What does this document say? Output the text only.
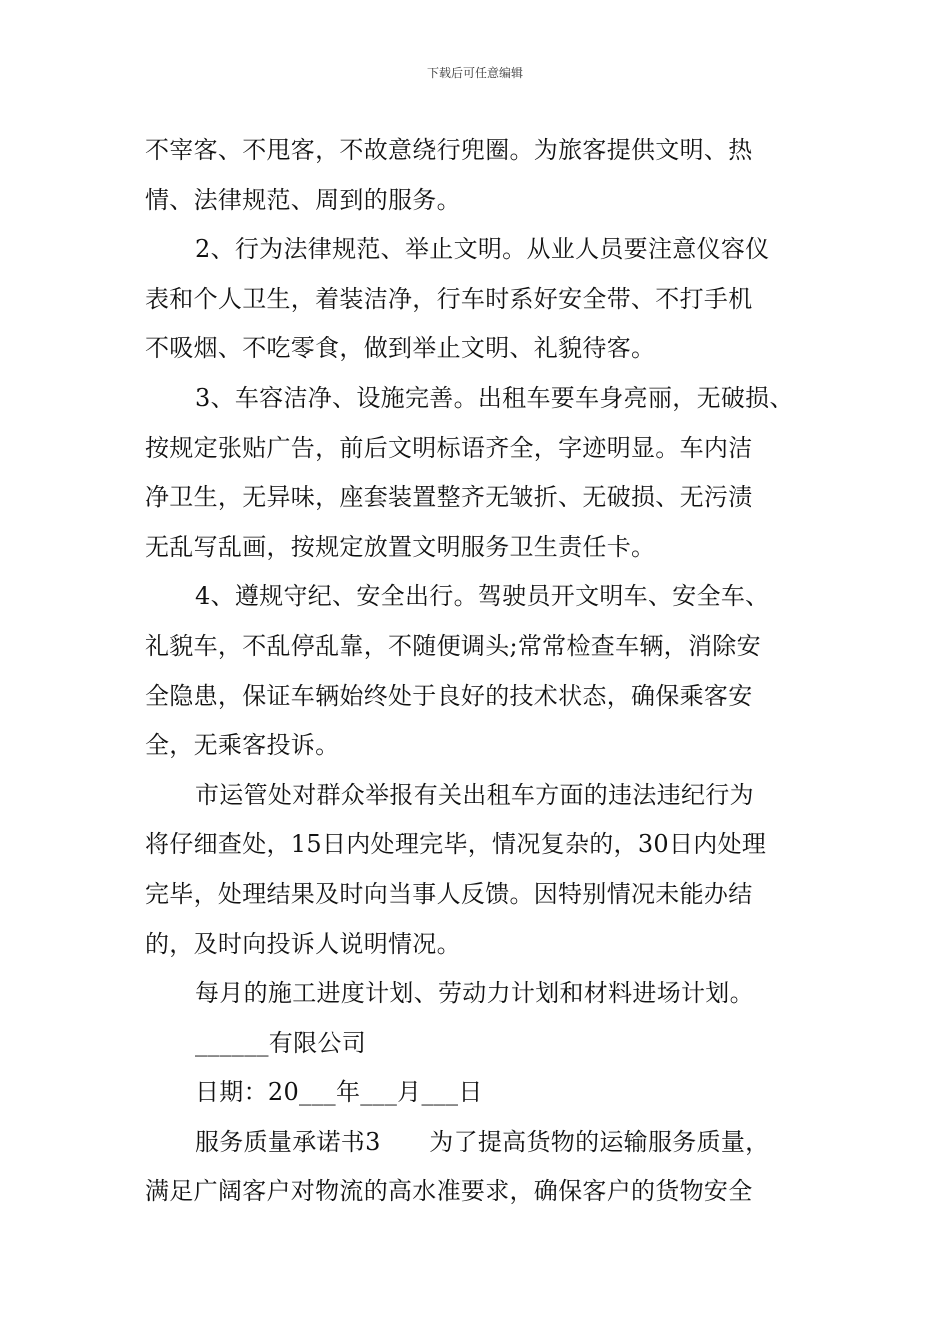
下载后可任意编辑
不宰客、不甩客，不故意绕行兜圈。为旅客提供文明、热
情、法律规范、周到的服务。
2、行为法律规范、举止文明。从业人员要注意仪容仪
表和个人卫生，着装洁净，行车时系好安全带、不打手机
不吸烟、不吃零食，做到举止文明、礼貌待客。
3、车容洁净、设施完善。出租车要车身亮丽，无破损、
按规定张贴广告，前后文明标语齐全，字迹明显。车内洁
净卫生，无异味，座套装置整齐无皱折、无破损、无污渍
无乱写乱画，按规定放置文明服务卫生责任卡。
4、遵规守纪、安全出行。驾驶员开文明车、安全车、
礼貌车，不乱停乱靠，不随便调头;常常检查车辆，消除安
全隐患，保证车辆始终处于良好的技术状态，确保乘客安
全，无乘客投诉。
市运管处对群众举报有关出租车方面的违法违纪行为
将仔细查处，15日内处理完毕，情况复杂的，30日内处理
完毕，处理结果及时向当事人反馈。因特别情况未能办结
的，及时向投诉人说明情况。
每月的施工进度计划、劳动力计划和材料进场计划。
______有限公司
日期：20___年___月___日
服务质量承诺书3　　为了提高货物的运输服务质量，
满足广阔客户对物流的高水准要求，确保客户的货物安全
